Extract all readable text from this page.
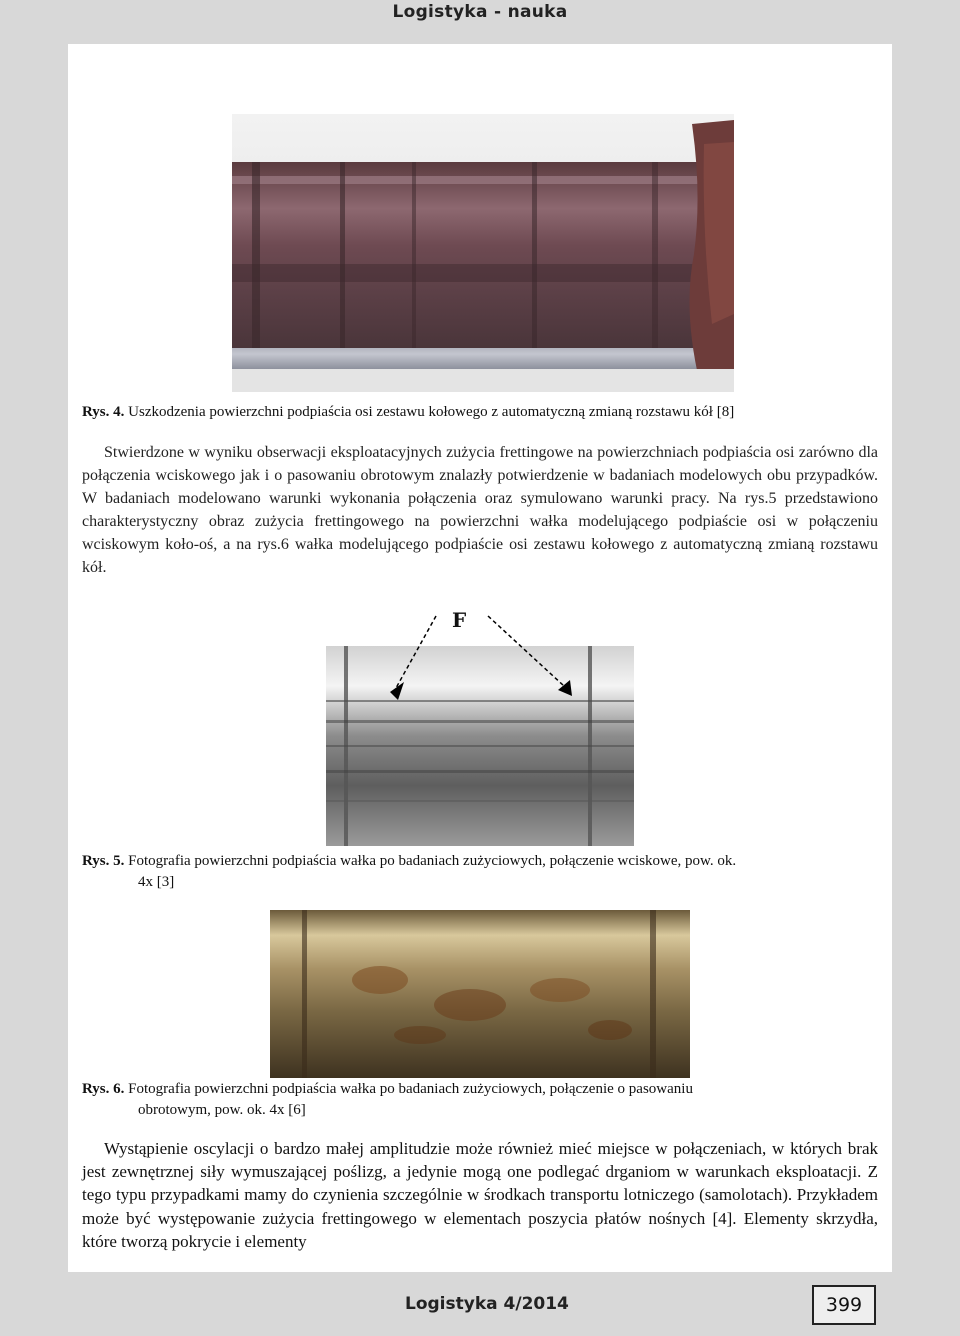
Logistyka - nauka
Rys. 4. Uszkodzenia powierzchni podpiaścia osi zestawu kołowego z automatyczną zmianą rozstawu kół [8]
Stwierdzone w wyniku obserwacji eksploatacyjnych zużycia frettingowe na powierzchniach podpiaścia osi zarówno dla połączenia wciskowego jak i o pasowaniu obrotowym znalazły potwierdzenie w badaniach modelowych obu przypadków. W badaniach modelowano warunki wykonania połączenia oraz symulowano warunki pracy. Na rys.5 przedstawiono charakterystyczny obraz zużycia frettingowego na powierzchni wałka modelującego podpiaście osi w połączeniu wciskowym koło-oś, a na rys.6 wałka modelującego podpiaście osi zestawu kołowego z automatyczną zmianą rozstawu kół.
F
Rys. 5. Fotografia powierzchni podpiaścia wałka po badaniach zużyciowych, połączenie wciskowe, pow. ok.
4x [3]
Rys. 6. Fotografia powierzchni podpiaścia wałka po badaniach zużyciowych, połączenie o pasowaniu
obrotowym, pow. ok. 4x [6]
Wystąpienie oscylacji o bardzo małej amplitudzie może również mieć miejsce w połączeniach, w których brak jest zewnętrznej siły wymuszającej poślizg, a jedynie mogą one podlegać drganiom w warunkach eksploatacji. Z tego typu przypadkami mamy do czynienia szczególnie w środkach transportu lotniczego (samolotach). Przykładem może być występowanie zużycia frettingowego w elementach poszycia płatów nośnych [4]. Elementy skrzydła, które tworzą pokrycie i elementy
Logistyka 4/2014	399
